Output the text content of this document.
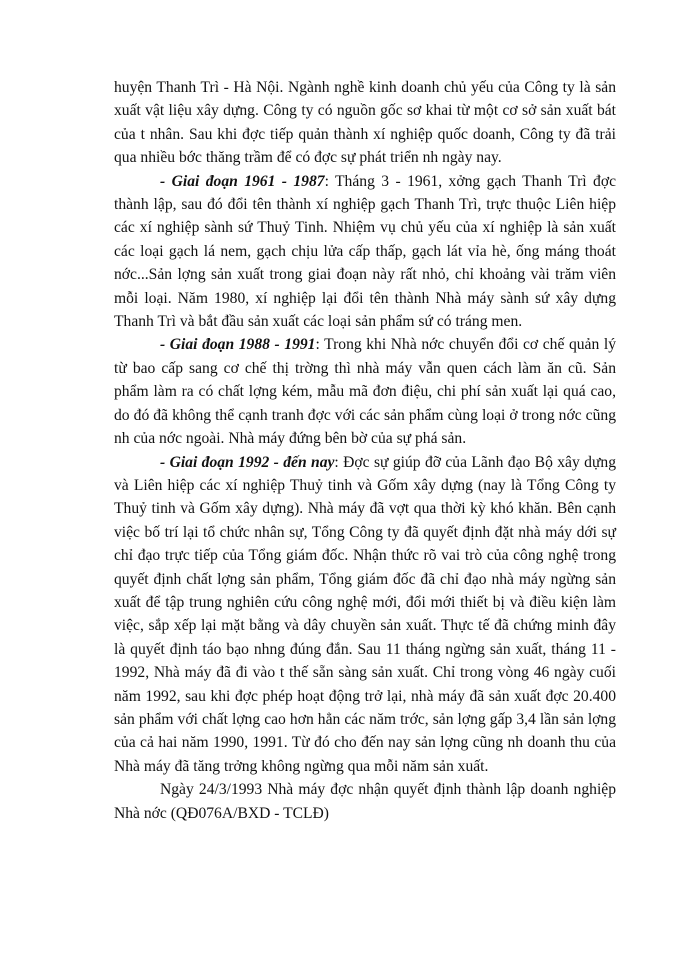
huyện Thanh Trì - Hà Nội. Ngành nghề kinh doanh chủ yếu của Công ty là sản xuất vật liệu xây dựng. Công ty có nguồn gốc sơ khai từ một cơ sở sản xuất bát của t nhân. Sau khi đợc tiếp quản thành xí nghiệp quốc doanh, Công ty đã trải qua nhiều bớc thăng trầm để có đợc sự phát triển nh ngày nay.

- Giai đoạn 1961 - 1987: Tháng 3 - 1961, xởng gạch Thanh Trì đợc thành lập, sau đó đổi tên thành xí nghiệp gạch Thanh Trì, trực thuộc Liên hiệp các xí nghiệp sành sứ Thuỷ Tinh. Nhiệm vụ chủ yếu của xí nghiệp là sản xuất các loại gạch lá nem, gạch chịu lửa cấp thấp, gạch lát vỉa hè, ống máng thoát nớc...Sản lợng sản xuất trong giai đoạn này rất nhỏ, chỉ khoảng vài trăm viên mỗi loại. Năm 1980, xí nghiệp lại đổi tên thành Nhà máy sành sứ xây dựng Thanh Trì và bắt đầu sản xuất các loại sản phẩm sứ có tráng men.

- Giai đoạn 1988 - 1991: Trong khi Nhà nớc chuyển đổi cơ chế quản lý từ bao cấp sang cơ chế thị trờng thì nhà máy vẫn quen cách làm ăn cũ. Sản phẩm làm ra có chất lợng kém, mẫu mã đơn điệu, chi phí sản xuất lại quá cao, do đó đã không thể cạnh tranh đợc với các sản phẩm cùng loại ở trong nớc cũng nh của nớc ngoài. Nhà máy đứng bên bờ của sự phá sản.

- Giai đoạn 1992 - đến nay: Đợc sự giúp đỡ của Lãnh đạo Bộ xây dựng và Liên hiệp các xí nghiệp Thuỷ tinh và Gốm xây dựng (nay là Tổng Công ty Thuỷ tinh và Gốm xây dựng). Nhà máy đã vợt qua thời kỳ khó khăn. Bên cạnh việc bố trí lại tổ chức nhân sự, Tổng Công ty đã quyết định đặt nhà máy dới sự chỉ đạo trực tiếp của Tổng giám đốc. Nhận thức rõ vai trò của công nghệ trong quyết định chất lợng sản phẩm, Tổng giám đốc đã chỉ đạo nhà máy ngừng sản xuất để tập trung nghiên cứu công nghệ mới, đổi mới thiết bị và điều kiện làm việc, sắp xếp lại mặt bằng và dây chuyền sản xuất. Thực tế đã chứng minh đây là quyết định táo bạo nhng đúng đắn. Sau 11 tháng ngừng sản xuất, tháng 11 - 1992, Nhà máy đã đi vào t thế sẵn sàng sản xuất. Chỉ trong vòng 46 ngày cuối năm 1992, sau khi đợc phép hoạt động trở lại, nhà máy đã sản xuất đợc 20.400 sản phẩm với chất lợng cao hơn hẳn các năm trớc, sản lợng gấp 3,4 lần sản lợng của cả hai năm 1990, 1991. Từ đó cho đến nay sản lợng cũng nh doanh thu của Nhà máy đã tăng trởng không ngừng qua mỗi năm sản xuất.

Ngày 24/3/1993 Nhà máy đợc nhận quyết định thành lập doanh nghiệp Nhà nớc (QĐ076A/BXD - TCLĐ)
